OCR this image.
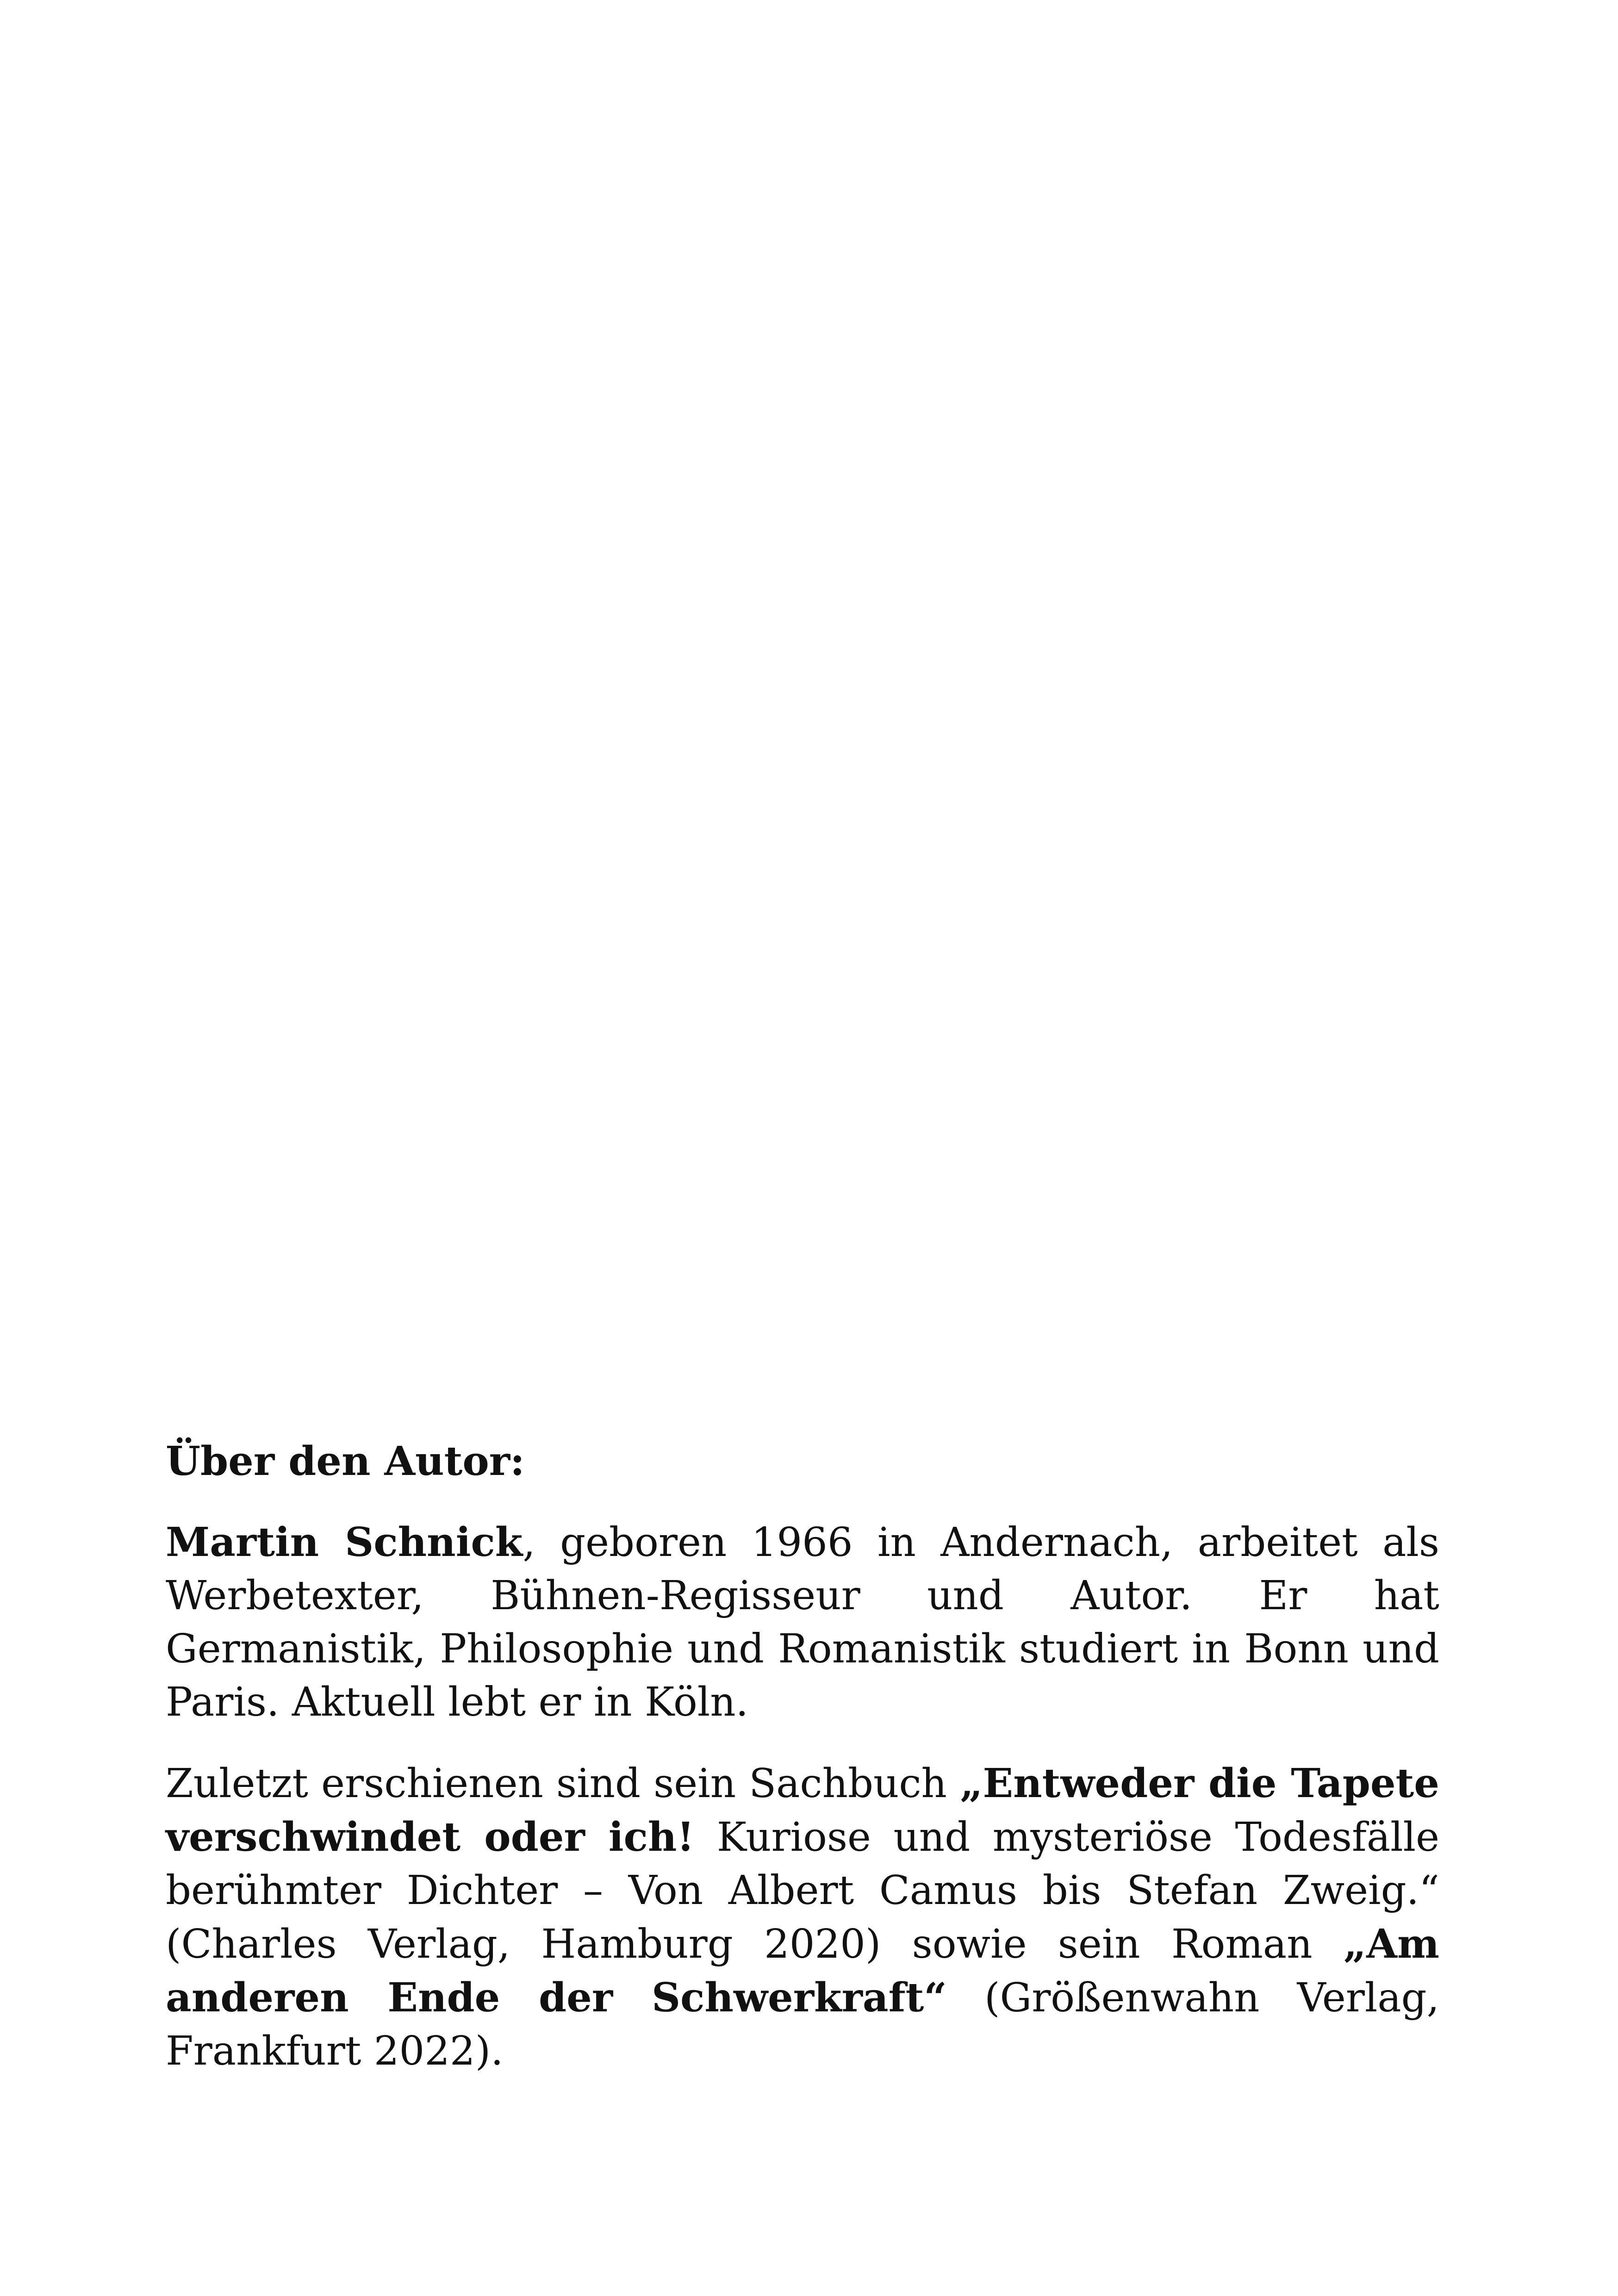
Über den Autor:

Martin Schnick, geboren 1966 in Andernach, arbeitet als Werbetexter, Bühnen-Regisseur und Autor. Er hat Germanistik, Philosophie und Romanistik studiert in Bonn und Paris. Aktuell lebt er in Köln.

Zuletzt erschienen sind sein Sachbuch „Entweder die Tapete verschwindet oder ich! Kuriose und mysteriöse Todesfälle berühmter Dichter – Von Albert Camus bis Stefan Zweig.“ (Charles Verlag, Hamburg 2020) sowie sein Roman „Am anderen Ende der Schwerkraft“ (Größenwahn Verlag, Frankfurt 2022).
